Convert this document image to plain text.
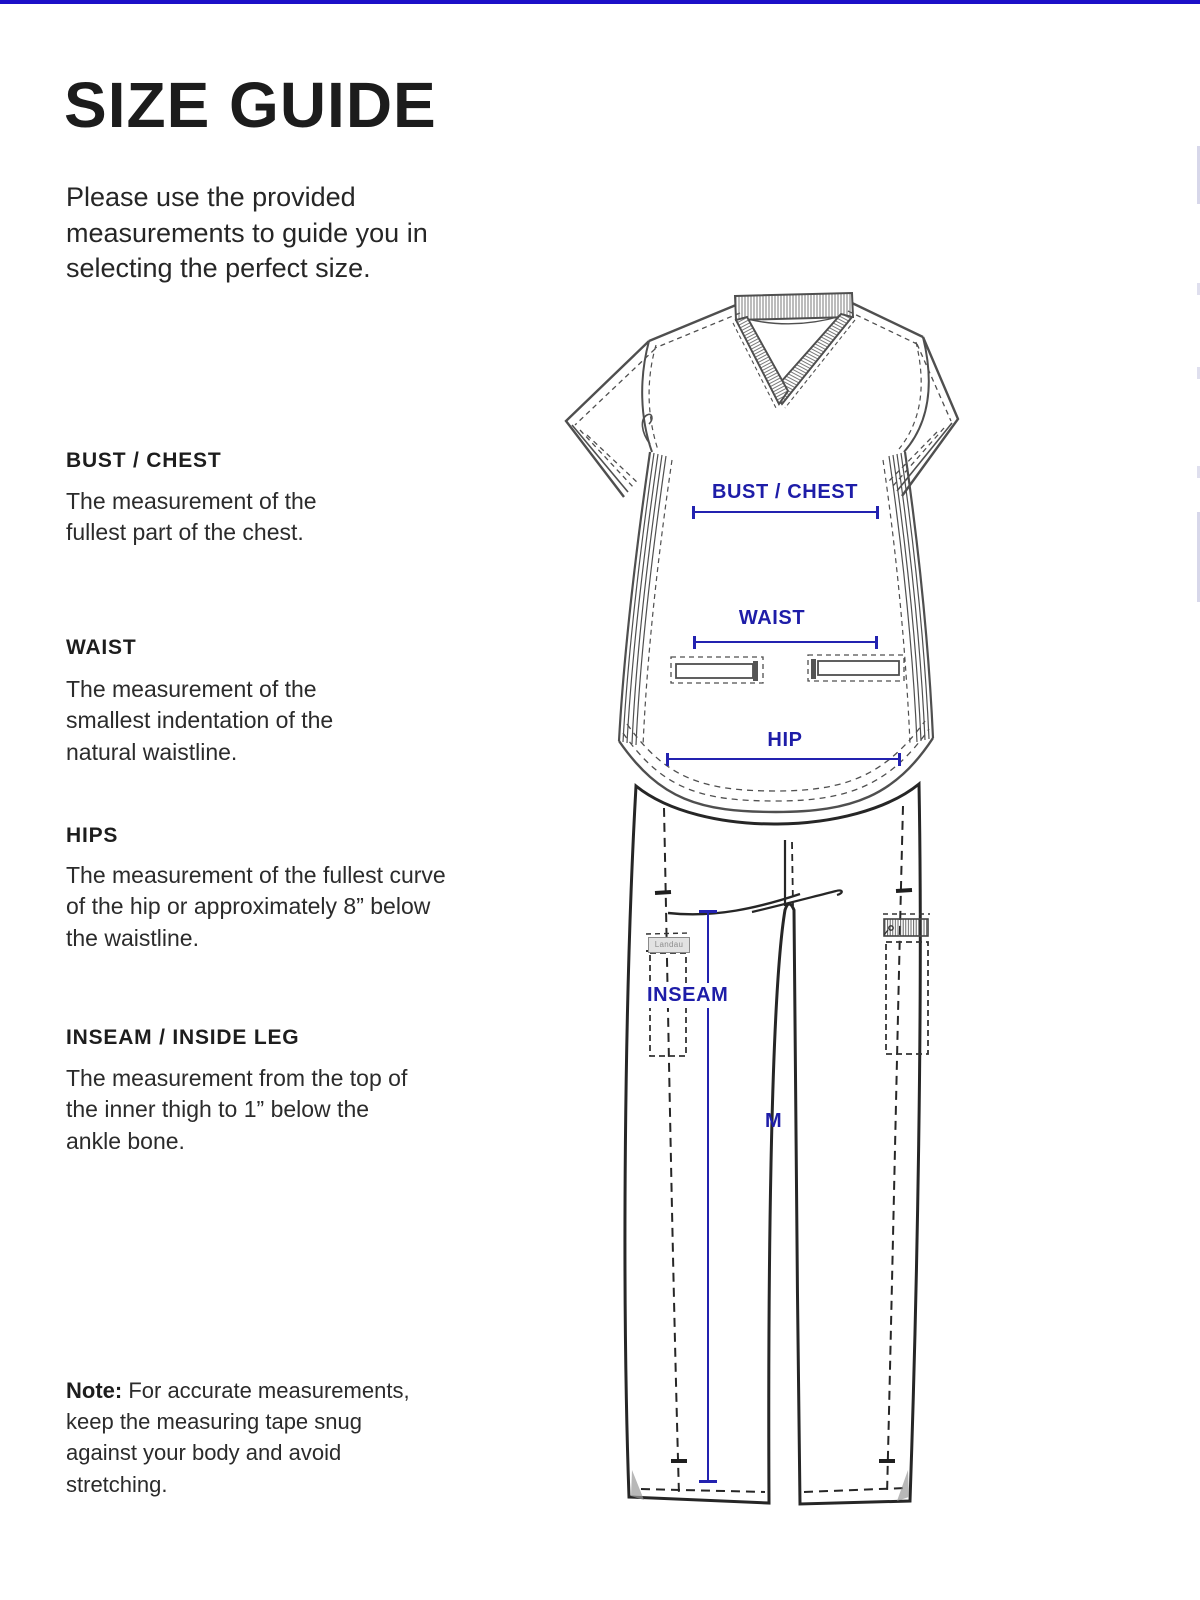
SIZE GUIDE
Please use the provided measurements to guide you in selecting the perfect size.
BUST / CHEST
The measurement of the fullest part of the chest.
WAIST
The measurement of the smallest indentation of the natural waistline.
HIPS
The measurement of the fullest curve of the hip or approximately 8” below the waistline.
INSEAM / INSIDE LEG
The measurement from the top of the inner thigh to 1” below the ankle bone.
Note: For accurate measurements, keep the measuring tape snug against your body and avoid stretching.
BUST / CHEST
WAIST
HIP
INSEAM
M
Landau
